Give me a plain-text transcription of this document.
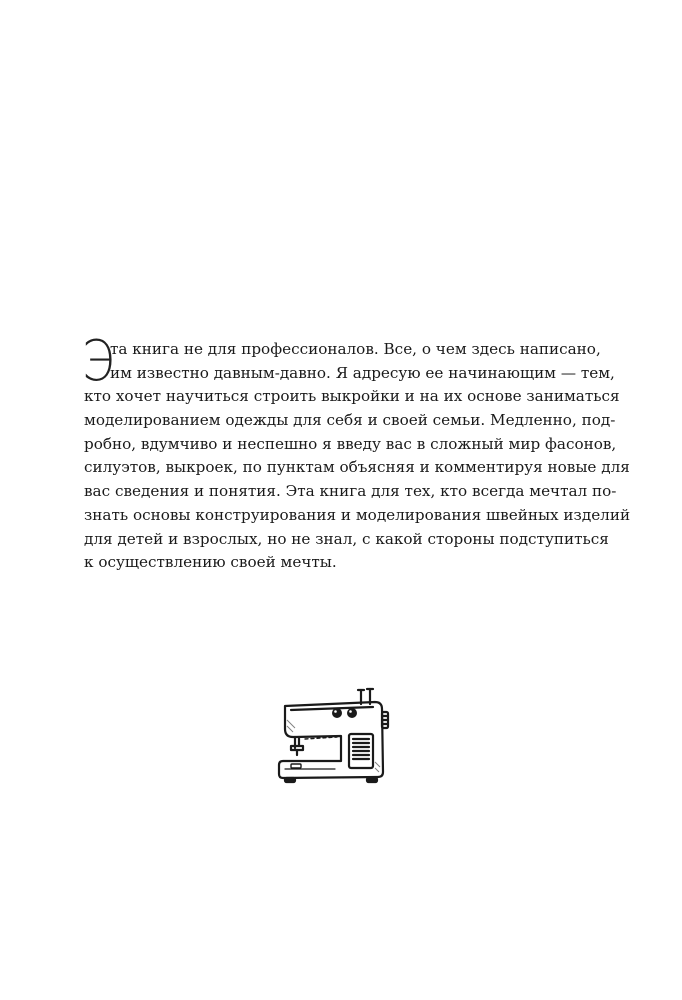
Э
та книга не для профессионалов. Все, о чем здесь написано,
им известно давным-давно. Я адресую ее начинающим — тем,
кто хочет научиться строить выкройки и на их основе заниматься
моделированием одежды для себя и своей семьи. Медленно, под-
робно, вдумчиво и неспешно я введу вас в сложный мир фасонов,
силуэтов, выкроек, по пунктам объясняя и комментируя новые для
вас сведения и понятия. Эта книга для тех, кто всегда мечтал по-
знать основы конструирования и моделирования швейных изделий
для детей и взрослых, но не знал, с какой стороны подступиться
к осуществлению своей мечты.
